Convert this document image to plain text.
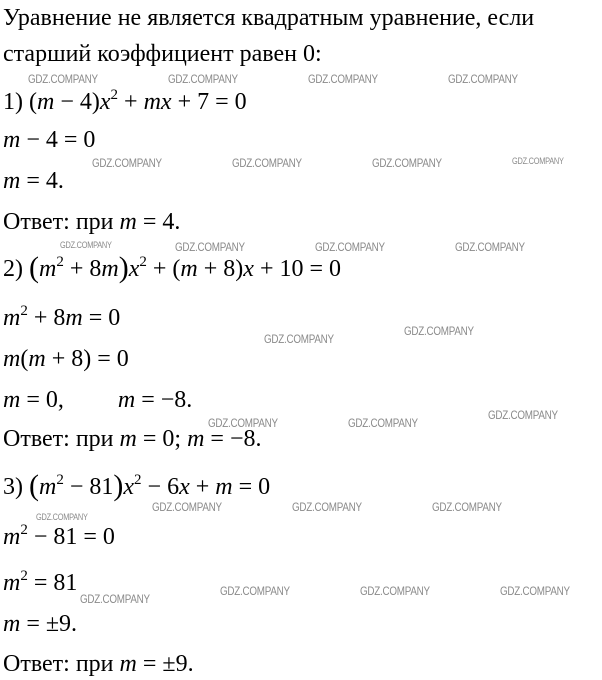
Уравнение не является квадратным уравнение, если
старший коэффициент равен 0:
1) $(m - 4)x^2$ + mx + 7 = 0
m − 4 = 0
m = 4.
Ответ: при m = 4.
2) $(m^2 + 8m)x^2 + (m + 8)x + 10 = 0$
$m^2 + 8m = 0$
m(m + 8) = 0
m = 0, m = −8.
Ответ: при m = 0; m = −8.
3) $(m^2 - 81)x^2 - 6x + m = 0$
$m^2 - 81 = 0$
$m^2 = 81$
m = ±9.
Ответ: при m = ±9.
GDZ.COMPANY	GDZ.COMPANY	GDZ.COMPANY	GDZ.COMPANY
GDZ.COMPANY	GDZ.COMPANY	GDZ.COMPANY	GDZ.COMPANY
GDZ.COMPANY	GDZ.COMPANY	GDZ.COMPANY	GDZ.COMPANY
GDZ.COMPANY
GDZ.COMPANY
GDZ.COMPANY	GDZ.COMPANY
GDZ.COMPANY
GDZ.COMPANY	GDZ.COMPANY	GDZ.COMPANY
GDZ.COMPANY
GDZ.COMPANY
GDZ.COMPANY	GDZ.COMPANY	GDZ.COMPANY
